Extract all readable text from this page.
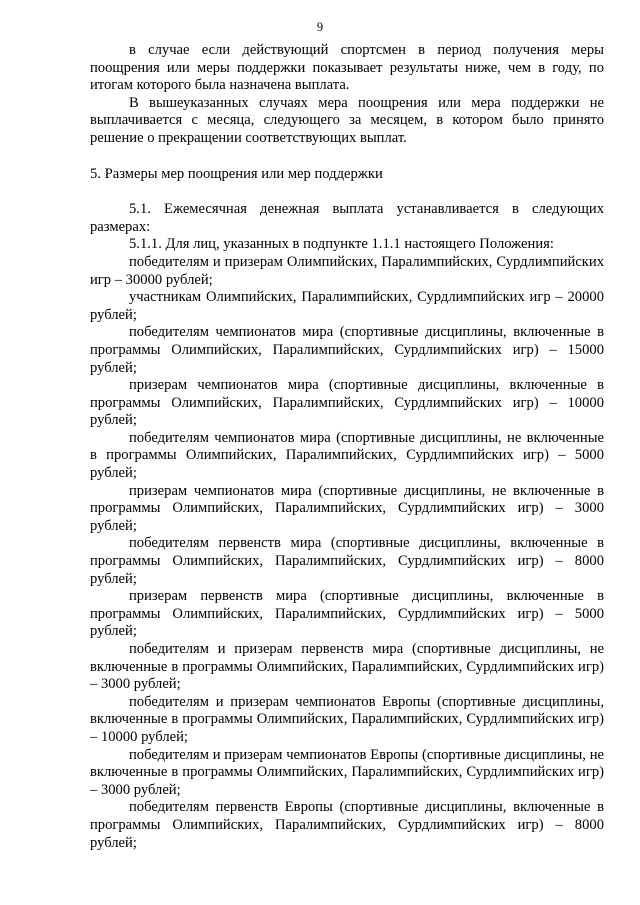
9

в случае если действующий спортсмен в период получения меры поощрения или меры поддержки показывает результаты ниже, чем в году, по итогам которого была назначена выплата.

В вышеуказанных случаях мера поощрения или мера поддержки не выплачивается с месяца, следующего за месяцем, в котором было принято решение о прекращении соответствующих выплат.

5. Размеры мер поощрения или мер поддержки

5.1. Ежемесячная денежная выплата устанавливается в следующих размерах:

5.1.1. Для лиц, указанных в подпункте 1.1.1 настоящего Положения:

победителям и призерам Олимпийских, Паралимпийских, Сурдлимпийских игр – 30000 рублей;

участникам Олимпийских, Паралимпийских, Сурдлимпийских игр – 20000 рублей;

победителям чемпионатов мира (спортивные дисциплины, включенные в программы Олимпийских, Паралимпийских, Сурдлимпийских игр) – 15000 рублей;

призерам чемпионатов мира (спортивные дисциплины, включенные в программы Олимпийских, Паралимпийских, Сурдлимпийских игр) – 10000 рублей;

победителям чемпионатов мира (спортивные дисциплины, не включенные в программы Олимпийских, Паралимпийских, Сурдлимпийских игр) – 5000 рублей;

призерам чемпионатов мира (спортивные дисциплины, не включенные в программы Олимпийских, Паралимпийских, Сурдлимпийских игр) – 3000 рублей;

победителям первенств мира (спортивные дисциплины, включенные в программы Олимпийских, Паралимпийских, Сурдлимпийских игр) – 8000 рублей;

призерам первенств мира (спортивные дисциплины, включенные в программы Олимпийских, Паралимпийских, Сурдлимпийских игр) – 5000 рублей;

победителям и призерам первенств мира (спортивные дисциплины, не включенные в программы Олимпийских, Паралимпийских, Сурдлимпийских игр) – 3000 рублей;

победителям и призерам чемпионатов Европы (спортивные дисциплины, включенные в программы Олимпийских, Паралимпийских, Сурдлимпийских игр) – 10000 рублей;

победителям и призерам чемпионатов Европы (спортивные дисциплины, не включенные в программы Олимпийских, Паралимпийских, Сурдлимпийских игр) – 3000 рублей;

победителям первенств Европы (спортивные дисциплины, включенные в программы Олимпийских, Паралимпийских, Сурдлимпийских игр) – 8000 рублей;
